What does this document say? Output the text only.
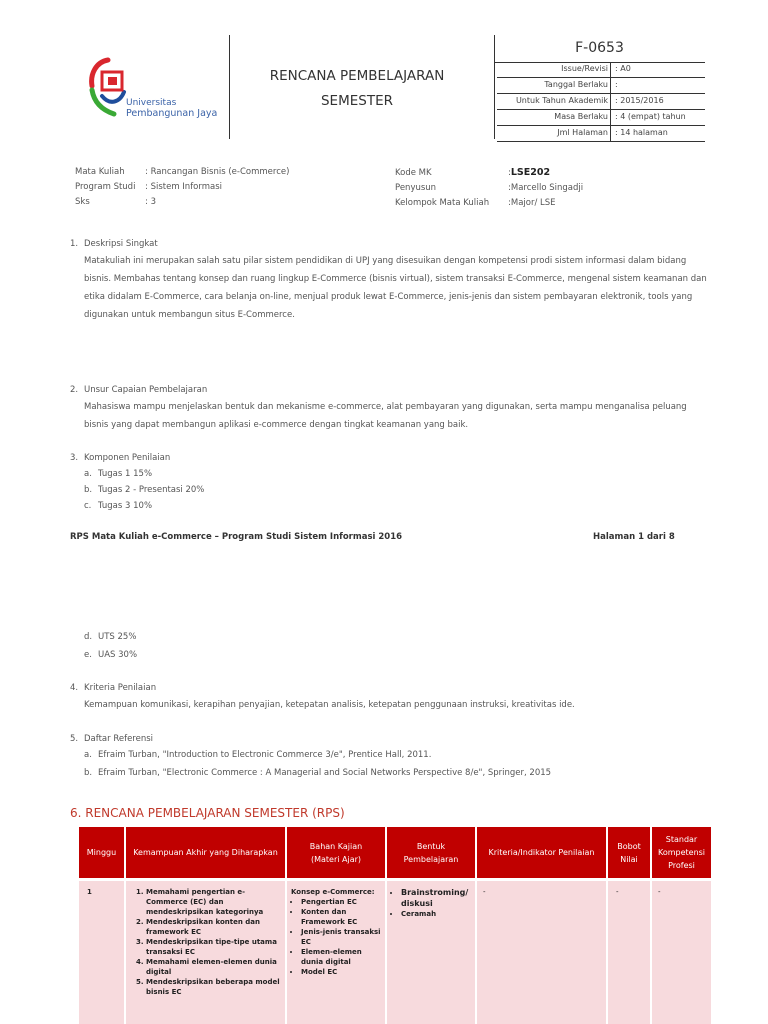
Universitas
Pembangunan Jaya
RENCANA PEMBELAJARAN
SEMESTER
F-0653
Issue/Revisi : A0
Tanggal Berlaku :
Untuk Tahun Akademik : 2015/2016
Masa Berlaku : 4 (empat) tahun
Jml Halaman : 14 halaman
Mata Kuliah : Rancangan Bisnis (e-Commerce)
Program Studi : Sistem Informasi
Sks	: 3
Kode MK	:LSE202
Penyusun	:Marcello Singadji
Kelompok Mata Kuliah :Major/ LSE
1. Deskripsi Singkat
Matakuliah ini merupakan salah satu pilar sistem pendidikan di UPJ yang disesuikan dengan kompetensi prodi sistem informasi dalam bidang bisnis. Membahas tentang konsep dan ruang lingkup E-Commerce (bisnis virtual), sistem transaksi E-Commerce, mengenal sistem keamanan dan etika didalam E-Commerce, cara belanja on-line, menjual produk lewat E-Commerce, jenis-jenis dan sistem pembayaran elektronik, tools yang digunakan untuk membangun situs E-Commerce.
2. Unsur Capaian Pembelajaran
Mahasiswa mampu menjelaskan bentuk dan mekanisme e-commerce, alat pembayaran yang digunakan, serta mampu menganalisa peluang bisnis yang dapat membangun aplikasi e-commerce dengan tingkat keamanan yang baik.
3. Komponen Penilaian
a. Tugas 1 15%
b. Tugas 2 - Presentasi 20%
c. Tugas 3 10%
RPS Mata Kuliah e-Commerce – Program Studi Sistem Informasi 2016	Halaman 1 dari 8
d. UTS 25%
e. UAS 30%
4. Kriteria Penilaian
Kemampuan komunikasi, kerapihan penyajian, ketepatan analisis, ketepatan penggunaan instruksi, kreativitas ide.
5. Daftar Referensi
a. Efraim Turban, "Introduction to Electronic Commerce 3/e", Prentice Hall, 2011.
b. Efraim Turban, "Electronic Commerce : A Managerial and Social Networks Perspective 8/e", Springer, 2015
6. RENCANA PEMBELAJARAN SEMESTER (RPS)
Minggu	Kemampuan Akhir yang Diharapkan
Bahan Kajian (Materi Ajar)
Bentuk Pembelajaran
Kriteria/Indikator Penilaian
Bobot Nilai
Standar Kompetensi Profesi
1
1.	Memahami pengertian e-Commerce (EC) dan mendeskripsikan kategorinya
2. Mendeskripsikan konten dan framework EC
3. Mendeskripsikan tipe-tipe utama transaksi EC
4. Memahami elemen-elemen dunia digital
5. Mendeskripsikan beberapa model bisnis EC
Konsep e-Commerce:
• Pengertian EC
• Konten dan Framework EC
• Jenis-jenis transaksi EC
• Elemen-elemen dunia digital
• Model EC
• Brainstroming/ diskusi
• Ceramah
-	-	-
